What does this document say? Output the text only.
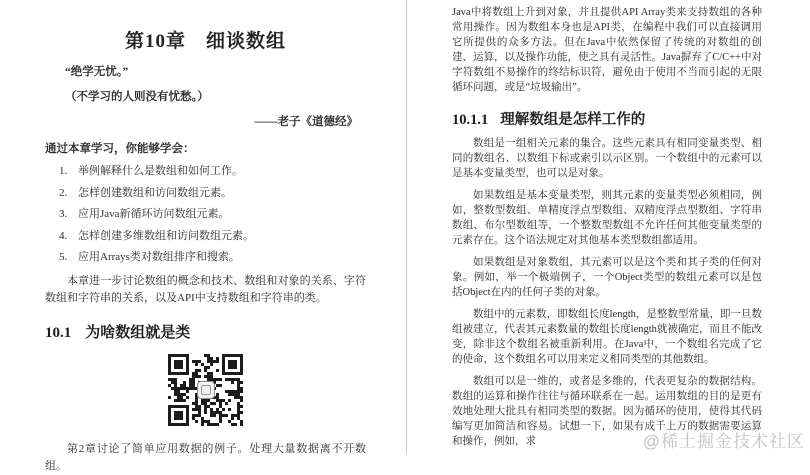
第10章　细谈数组
“绝学无忧。”
（不学习的人则没有忧愁。）
——老子《道德经》
通过本章学习，你能够学会：
1. 举例解释什么是数组和如何工作。
2. 怎样创建数组和访问数组元素。
3. 应用Java新循环访问数组元素。
4. 怎样创建多维数组和访问数组元素。
5. 应用Arrays类对数组排序和搜索。
本章进一步讨论数组的概念和技术、数组和对象的关系、字符数组和字符串的关系，以及API中支持数组和字符串的类。
10.1 为啥数组就是类
第2章讨论了简单应用数据的例子。处理大量数据离不开数组。

Java中将数组上升到对象，并且提供API Array类来支持数组的各种常用操作。因为数组本身也是API类，在编程中我们可以直接调用它所提供的众多方法。但在Java中依然保留了传统的对数组的创建、运算，以及操作功能，使之具有灵活性。Java摒弃了C/C++中对字符数组不易操作的终结标识符，避免由于使用不当而引起的无限循环问题，或是“垃圾输出”。

10.1.1 理解数组是怎样工作的

数组是一组相关元素的集合。这些元素具有相同变量类型、相同的数组名、以数组下标或索引以示区别。一个数组中的元素可以是基本变量类型，也可以是对象。

如果数组是基本变量类型，则其元素的变量类型必须相同，例如，整数型数组、单精度浮点型数组、双精度浮点型数组、字符串数组、布尔型数组等，一个整数型数组不允许任何其他变量类型的元素存在。这个语法规定对其他基本类型数组都适用。

如果数组是对象数组，其元素可以是这个类和其子类的任何对象。例如，举一个极端例子，一个Object类型的数组元素可以是包括Object在内的任何子类的对象。

数组中的元素数，即数组长度length，是整数型常量，即一旦数组被建立，代表其元素数量的数组长度length就被确定，而且不能改变，除非这个数组名被重新利用。在Java中，一个数组名完成了它的使命，这个数组名可以用来定义相同类型的其他数组。

数组可以是一维的，或者是多维的，代表更复杂的数据结构。数组的运算和操作往往与循环联系在一起。运用数组的目的是更有效地处理大批具有相同类型的数据。因为循环的使用，使得其代码编写更加简洁和容易。试想一下，如果有成千上万的数据需要运算和操作，例如，求	@稀土掘金技术社区
